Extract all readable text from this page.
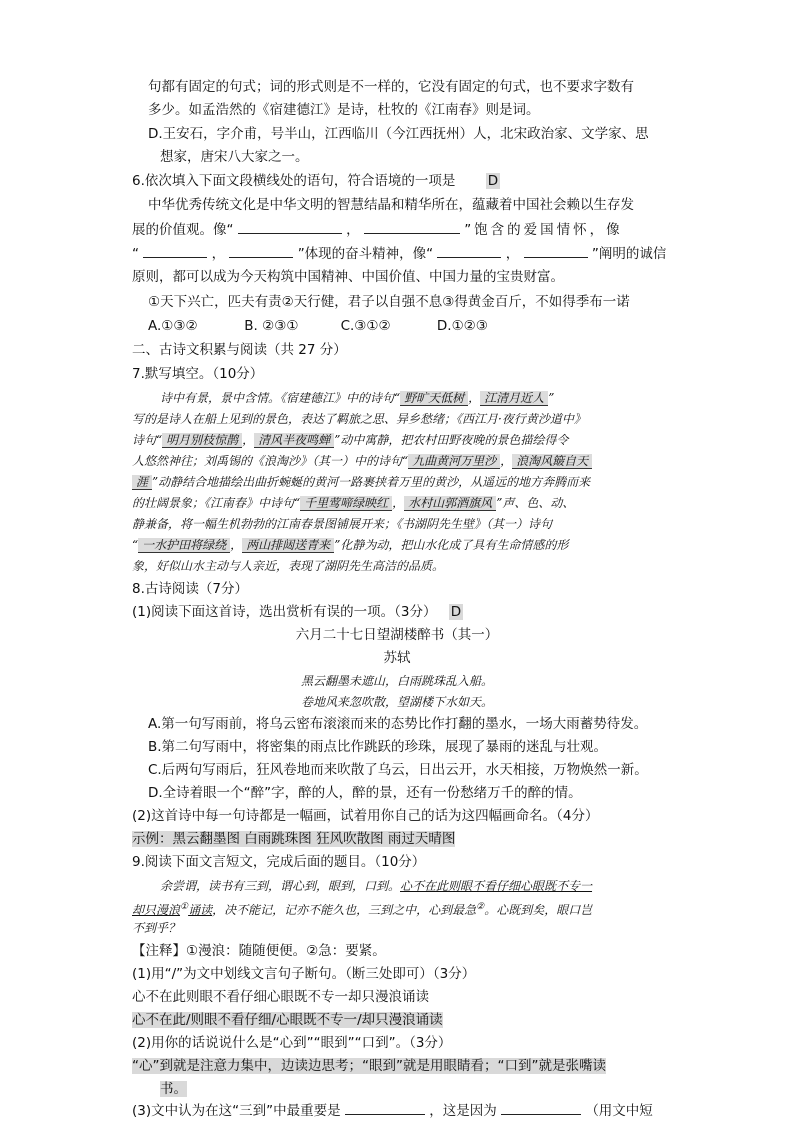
句都有固定的句式；词的形式则是不一样的，它没有固定的句式，也不要求字数有
多少。如孟浩然的《宿建德江》是诗，杜牧的《江南春》则是词。
D.王安石，字介甫，号半山，江西临川（今江西抚州）人，北宋政治家、文学家、思
想家，唐宋八大家之一。
6.依次填入下面文段横线处的语句，符合语境的一项是 D
中华优秀传统文化是中华文明的智慧结晶和精华所在，蕴藏着中国社会赖以生存发
展的价值观。像“	，	”饱含的爱国情怀，像
“	，	”体现的奋斗精神，像“	，	”阐明的诚信
原则，都可以成为今天构筑中国精神、中国价值、中国力量的宝贵财富。
①天下兴亡，匹夫有责②天行健，君子以自强不息③得黄金百斤，不如得季布一诺
A.①③②	B. ②③①	C.③①②	D.①②③
二、古诗文积累与阅读（共 27 分）
7.默写填空。（10分）
诗中有景，景中含情。《宿建德江》中的诗句“ 野旷天低树 ， 江清月近人 ”
写的是诗人在船上见到的景色，表达了羁旅之思、异乡愁绪；《西江月·夜行黄沙道中》
诗句“ 明月别枝惊鹊 ， 清风半夜鸣蝉 ”动中寓静，把农村田野夜晚的景色描绘得令
人悠然神往；刘禹锡的《浪淘沙》（其一）中的诗句“ 九曲黄河万里沙 ， 浪淘风簸自天
涯 ”动静结合地描绘出曲折蜿蜒的黄河一路裹挟着万里的黄沙，从遥远的地方奔腾而来
的壮阔景象；《江南春》中诗句“ 千里莺啼绿映红 ， 水村山郭酒旗风 ”声、色、动、
静兼备，将一幅生机勃勃的江南春景图铺展开来；《书湖阴先生壁》（其一）诗句
“ 一水护田将绿绕 ， 两山排闼送青来 ”化静为动，把山水化成了具有生命情感的形
象，好似山水主动与人亲近，表现了湖阴先生高洁的品质。
8.古诗阅读（7分）
(1)阅读下面这首诗，选出赏析有误的一项。（3分） D
六月二十七日望湖楼醉书（其一）
苏轼
黑云翻墨未遮山，白雨跳珠乱入船。
卷地风来忽吹散，望湖楼下水如天。
A.第一句写雨前，将乌云密布滚滚而来的态势比作打翻的墨水，一场大雨蓄势待发。
B.第二句写雨中，将密集的雨点比作跳跃的珍珠，展现了暴雨的迷乱与壮观。
C.后两句写雨后，狂风卷地而来吹散了乌云，日出云开，水天相接，万物焕然一新。
D.全诗着眼一个“醉”字，醉的人，醉的景，还有一份愁绪万千的醉的情。
(2)这首诗中每一句诗都是一幅画，试着用你自己的话为这四幅画命名。（4分）
示例：黑云翻墨图 白雨跳珠图 狂风吹散图 雨过天晴图
9.阅读下面文言短文，完成后面的题目。（10分）
余尝谓，读书有三到，谓心到，眼到，口到。心不在此则眼不看仔细心眼既不专一
却只漫浪①诵读，决不能记，记亦不能久也，三到之中，心到最急②。心既到矣，眼口岂
不到乎？
【注释】①漫浪：随随便便。②急：要紧。
(1)用“/”为文中划线文言句子断句。（断三处即可）（3分）
心不在此则眼不看仔细心眼既不专一却只漫浪诵读
心不在此/则眼不看仔细/心眼既不专一/却只漫浪诵读
(2)用你的话说说什么是“心到”“眼到”“口到”。（3分）
“心”到就是注意力集中，边读边思考；“眼到”就是用眼睛看；“口到”就是张嘴读
书。
(3)文中认为在这“三到”中最重要是	，这是因为	（用文中短
